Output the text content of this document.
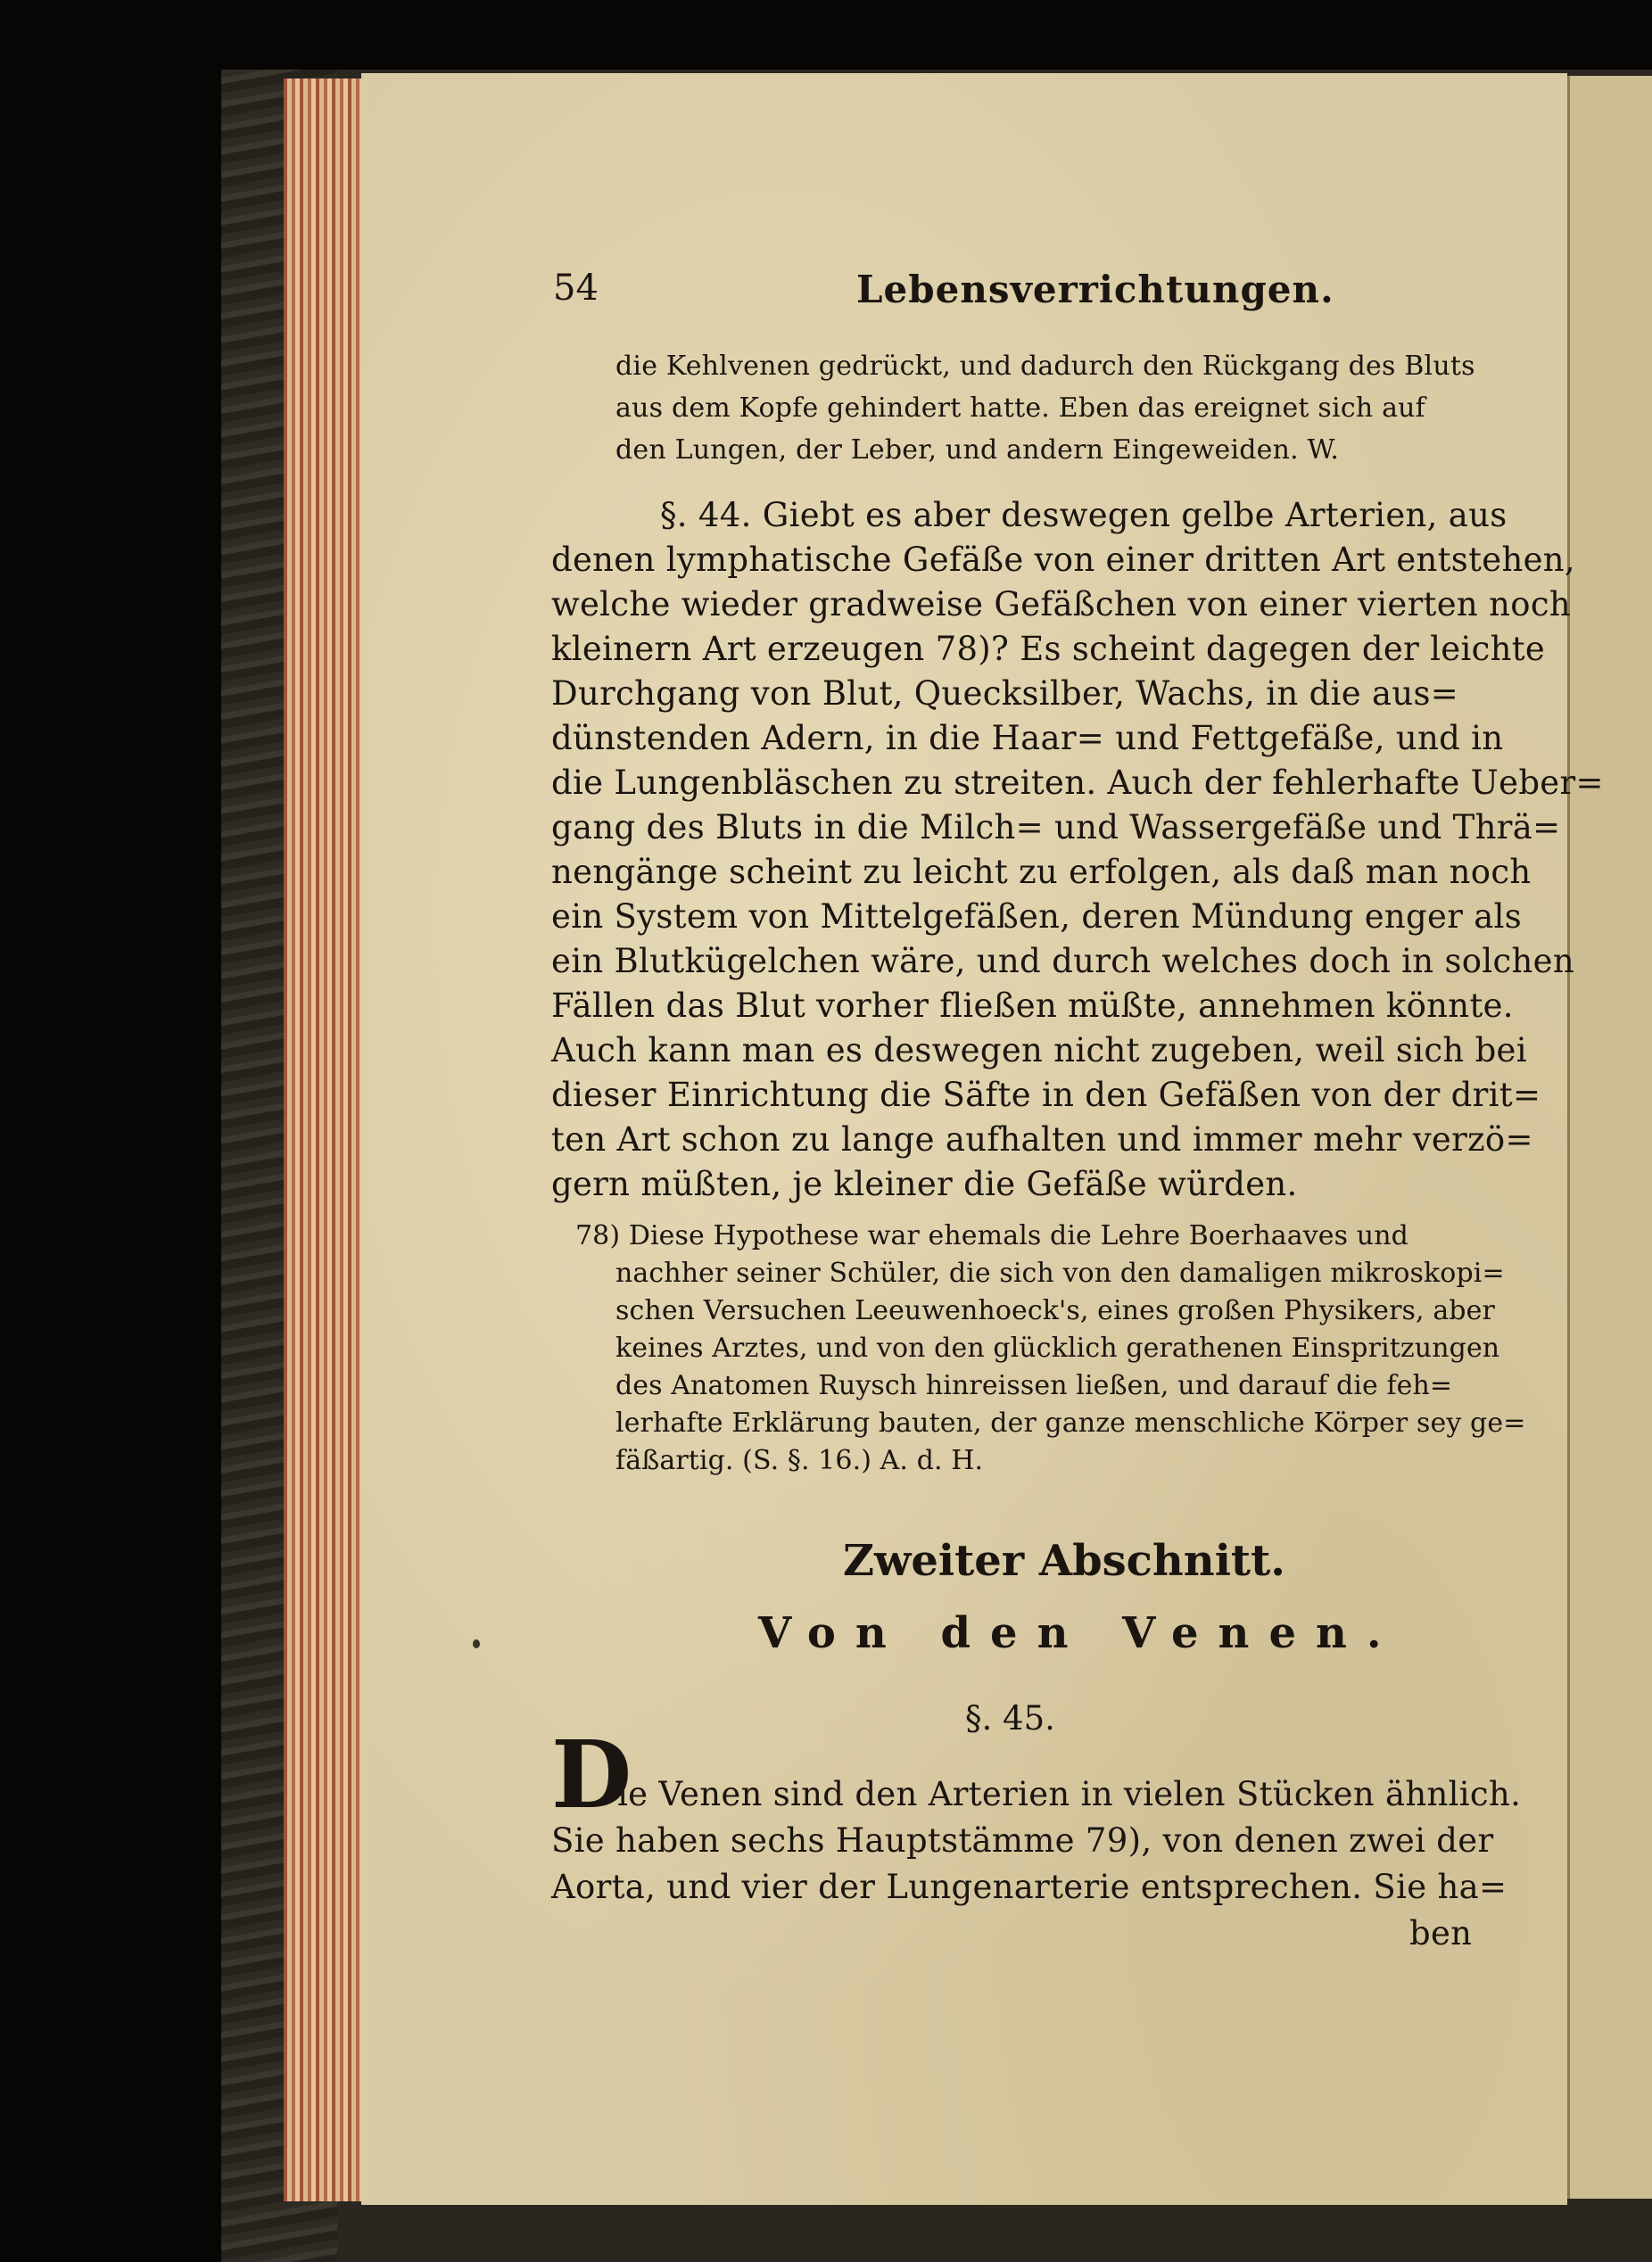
54	Lebensverrichtungen.
die Kehlvenen gedrückt, und dadurch den Rückgang des Bluts
aus dem Kopfe gehindert hatte. Eben das ereignet sich auf
den Lungen, der Leber, und andern Eingeweiden. W.
§. 44. Giebt es aber deswegen gelbe Arterien, aus
denen lymphatische Gefäße von einer dritten Art entstehen,
welche wieder gradweise Gefäßchen von einer vierten noch
kleinern Art erzeugen 78)? Es scheint dagegen der leichte
Durchgang von Blut, Quecksilber, Wachs, in die aus=
dünstenden Adern, in die Haar= und Fettgefäße, und in
die Lungenbläschen zu streiten. Auch der fehlerhafte Ueber=
gang des Bluts in die Milch= und Wassergefäße und Thrä=
nengänge scheint zu leicht zu erfolgen, als daß man noch
ein System von Mittelgefäßen, deren Mündung enger als
ein Blutkügelchen wäre, und durch welches doch in solchen
Fällen das Blut vorher fließen müßte, annehmen könnte.
Auch kann man es deswegen nicht zugeben, weil sich bei
dieser Einrichtung die Säfte in den Gefäßen von der drit=
ten Art schon zu lange aufhalten und immer mehr verzö=
gern müßten, je kleiner die Gefäße würden.
78) Diese Hypothese war ehemals die Lehre Boerhaaves und
nachher seiner Schüler, die sich von den damaligen mikroskopi=
schen Versuchen Leeuwenhoeck's, eines großen Physikers, aber
keines Arztes, und von den glücklich gerathenen Einspritzungen
des Anatomen Ruysch hinreissen ließen, und darauf die feh=
lerhafte Erklärung bauten, der ganze menschliche Körper sey ge=
fäßartig. (S. §. 16.) A. d. H.
Zweiter Abschnitt.
Von den Venen.
§. 45.
D
ie Venen sind den Arterien in vielen Stücken ähnlich.
Sie haben sechs Hauptstämme 79), von denen zwei der
Aorta, und vier der Lungenarterie entsprechen. Sie ha=
ben
